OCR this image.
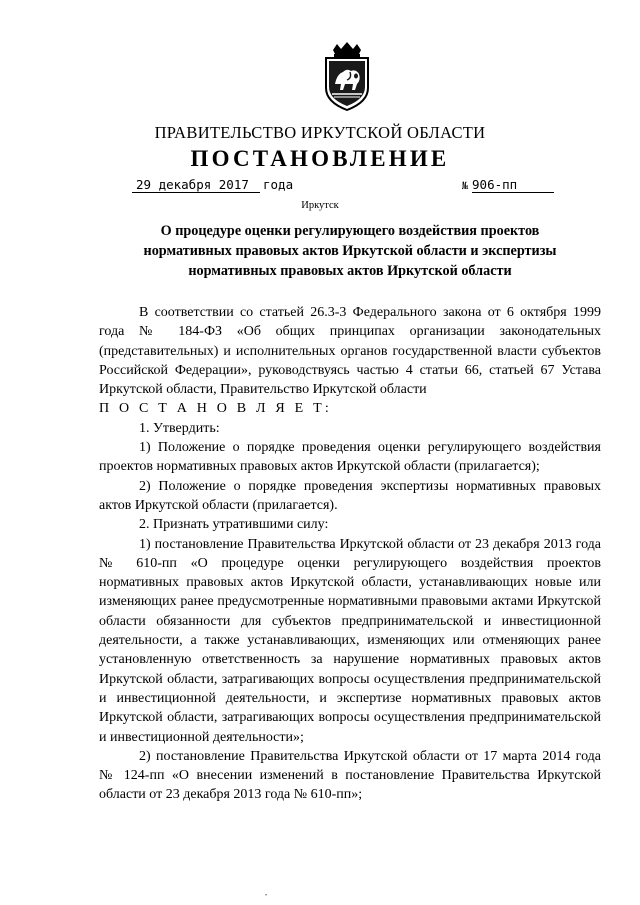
ПРАВИТЕЛЬСТВО ИРКУТСКОЙ ОБЛАСТИ
ПОСТАНОВЛЕНИЕ
29 декабря 2017 года	№ 906-пп
Иркутск
О процедуре оценки регулирующего воздействия проектов
нормативных правовых актов Иркутской области и экспертизы
нормативных правовых актов Иркутской области

В соответствии со статьей 26.3-3 Федерального закона от 6 октября 1999 года № 184-ФЗ «Об общих принципах организации законодательных (представительных) и исполнительных органов государственной власти субъектов Российской Федерации», руководствуясь частью 4 статьи 66, статьей 67 Устава Иркутской области, Правительство Иркутской области

П О С Т А Н О В Л Я Е Т:

1. Утвердить:

1) Положение о порядке проведения оценки регулирующего воздействия проектов нормативных правовых актов Иркутской области (прилагается);

2) Положение о порядке проведения экспертизы нормативных правовых актов Иркутской области (прилагается).

2. Признать утратившими силу:

1) постановление Правительства Иркутской области от 23 декабря 2013 года № 610-пп «О процедуре оценки регулирующего воздействия проектов нормативных правовых актов Иркутской области, устанавливающих новые или изменяющих ранее предусмотренные нормативными правовыми актами Иркутской области обязанности для субъектов предпринимательской и инвестиционной деятельности, а также устанавливающих, изменяющих или отменяющих ранее установленную ответственность за нарушение нормативных правовых актов Иркутской области, затрагивающих вопросы осуществления предпринимательской и инвестиционной деятельности, и экспертизе нормативных правовых актов Иркутской области, затрагивающих вопросы осуществления предпринимательской и инвестиционной деятельности»;

2) постановление Правительства Иркутской области от 17 марта 2014 года № 124-пп «О внесении изменений в постановление Правительства Иркутской области от 23 декабря 2013 года № 610-пп»;

•
